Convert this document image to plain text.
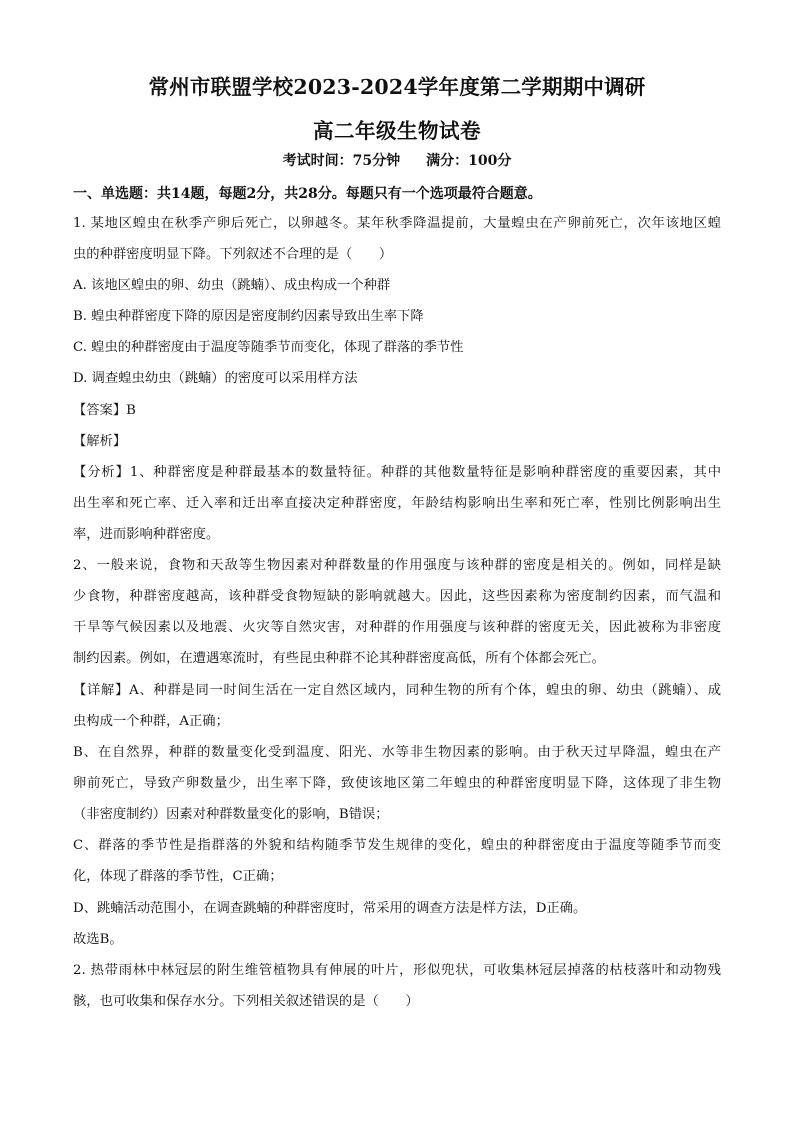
常州市联盟学校2023-2024学年度第二学期期中调研
高二年级生物试卷
考试时间：75分钟 满分：100分
一、单选题：共14题，每题2分，共28分。每题只有一个选项最符合题意。
1. 某地区蝗虫在秋季产卵后死亡，以卵越冬。某年秋季降温提前，大量蝗虫在产卵前死亡，次年该地区蝗
虫的种群密度明显下降。下列叙述不合理的是（　　）
A. 该地区蝗虫的卵、幼虫（跳蝻）、成虫构成一个种群
B. 蝗虫种群密度下降的原因是密度制约因素导致出生率下降
C. 蝗虫的种群密度由于温度等随季节而变化，体现了群落的季节性
D. 调查蝗虫幼虫（跳蝻）的密度可以采用样方法
【答案】B
【解析】
【分析】1、种群密度是种群最基本的数量特征。种群的其他数量特征是影响种群密度的重要因素，其中
出生率和死亡率、迁入率和迁出率直接决定种群密度，年龄结构影响出生率和死亡率，性别比例影响出生
率，进而影响种群密度。
2、一般来说，食物和天敌等生物因素对种群数量的作用强度与该种群的密度是相关的。例如，同样是缺
少食物，种群密度越高，该种群受食物短缺的影响就越大。因此，这些因素称为密度制约因素，而气温和
干旱等气候因素以及地震、火灾等自然灾害，对种群的作用强度与该种群的密度无关，因此被称为非密度
制约因素。例如，在遭遇寒流时，有些昆虫种群不论其种群密度高低，所有个体都会死亡。
【详解】A、种群是同一时间生活在一定自然区域内，同种生物的所有个体，蝗虫的卵、幼虫（跳蝻）、成
虫构成一个种群，A正确；
B、在自然界，种群的数量变化受到温度、阳光、水等非生物因素的影响。由于秋天过早降温，蝗虫在产
卵前死亡，导致产卵数量少，出生率下降，致使该地区第二年蝗虫的种群密度明显下降，这体现了非生物
（非密度制约）因素对种群数量变化的影响，B错误；
C、群落的季节性是指群落的外貌和结构随季节发生规律的变化，蝗虫的种群密度由于温度等随季节而变
化，体现了群落的季节性，C正确；
D、跳蝻活动范围小，在调查跳蝻的种群密度时，常采用的调查方法是样方法，D正确。
故选B。
2. 热带雨林中林冠层的附生维管植物具有伸展的叶片，形似兜状，可收集林冠层掉落的枯枝落叶和动物残
骸，也可收集和保存水分。下列相关叙述错误的是（　　）
